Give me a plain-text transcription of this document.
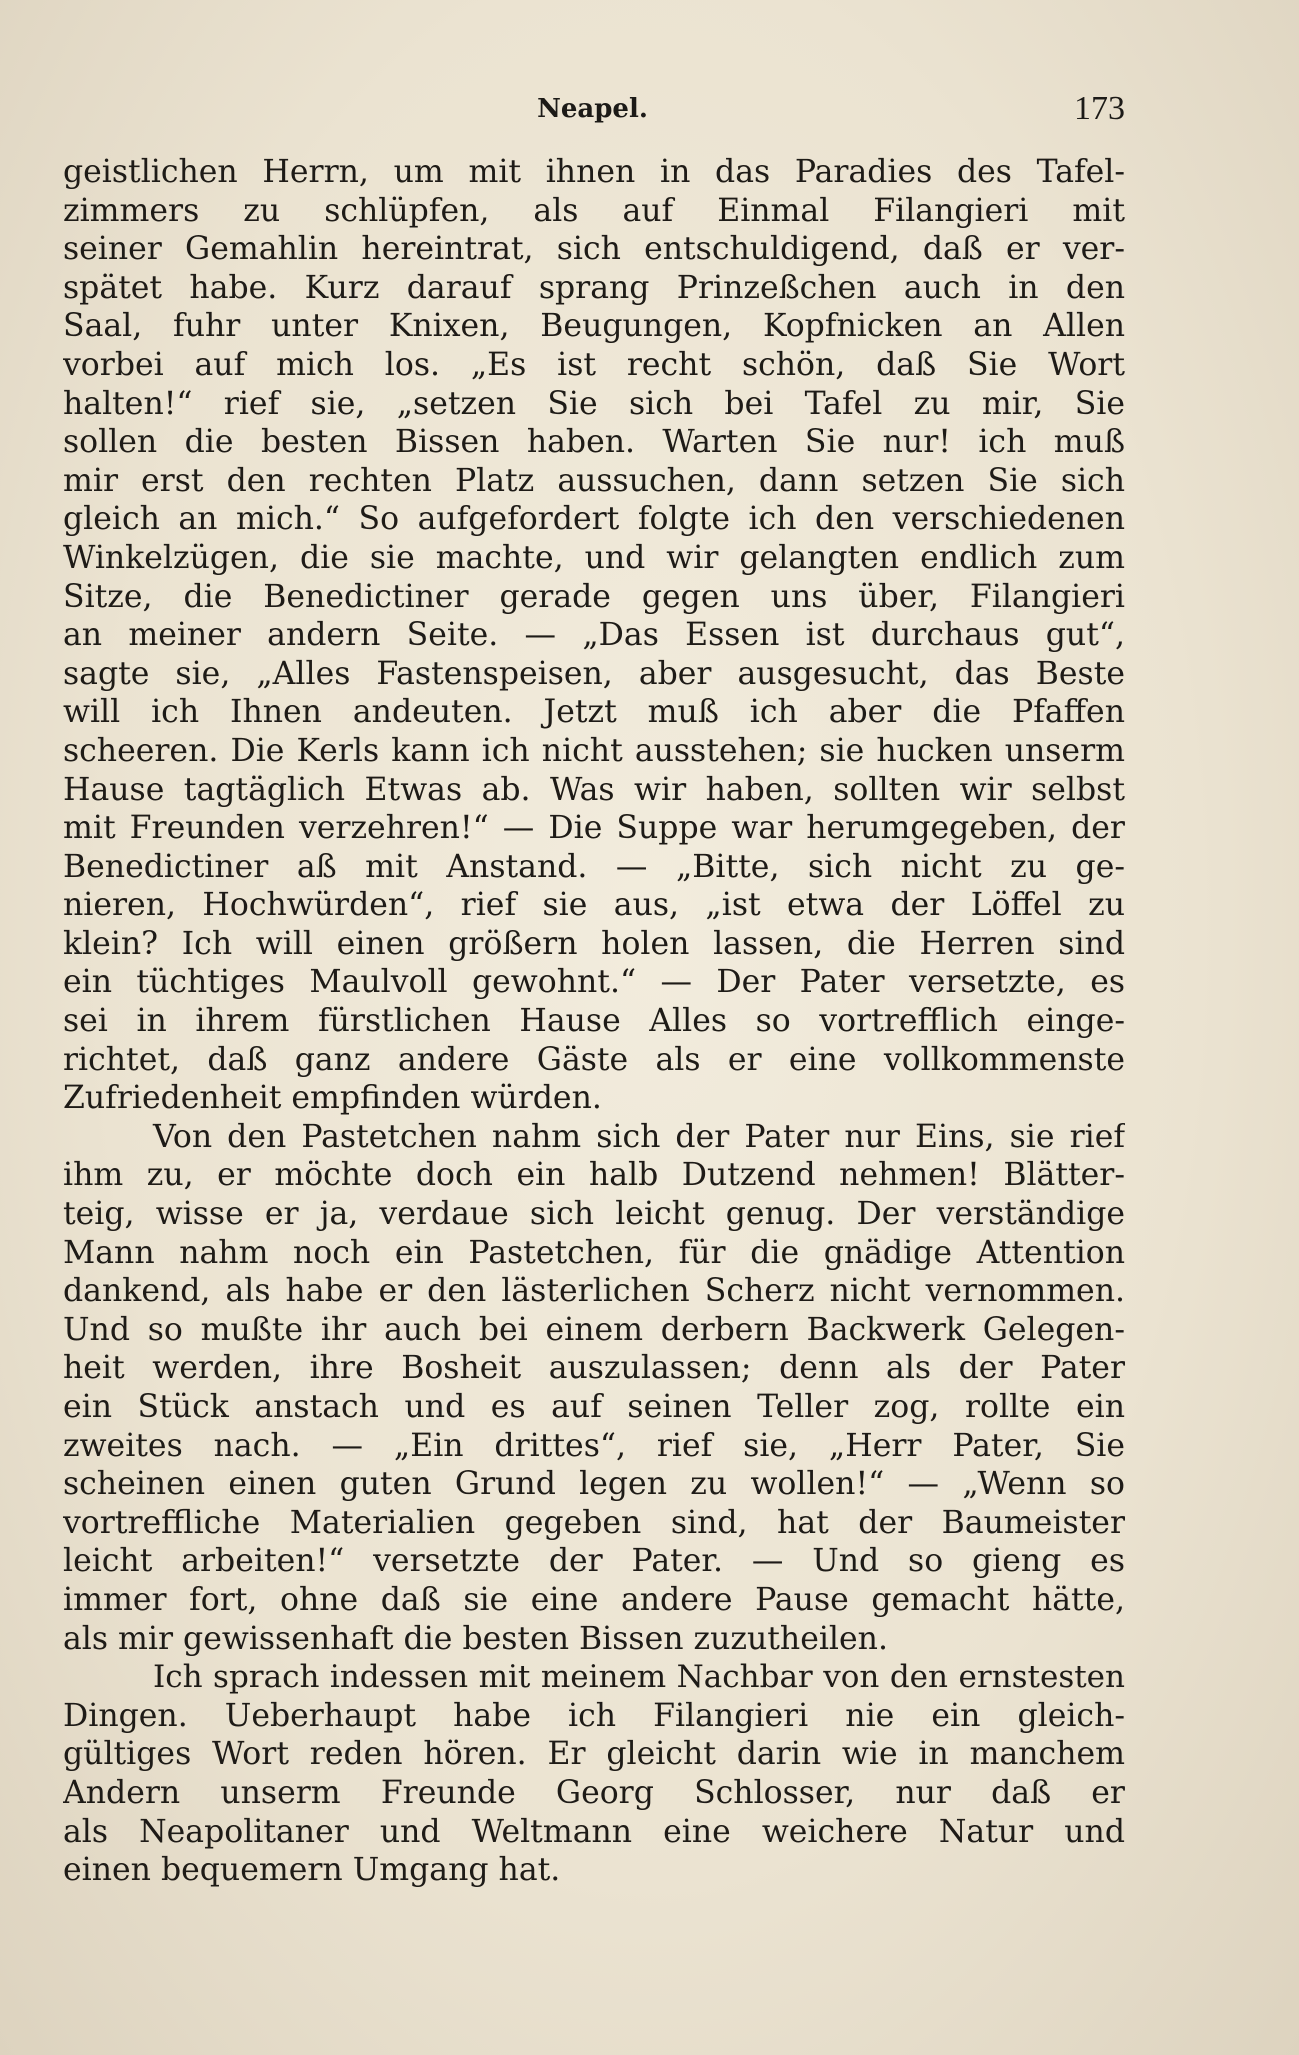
Neapel.	173
geistlichen Herrn, um mit ihnen in das Paradies des Tafel-
zimmers zu schlüpfen, als auf Einmal Filangieri mit
seiner Gemahlin hereintrat, sich entschuldigend, daß er ver-
spätet habe. Kurz darauf sprang Prinzeßchen auch in den
Saal, fuhr unter Knixen, Beugungen, Kopfnicken an Allen
vorbei auf mich los. „Es ist recht schön, daß Sie Wort
halten!“ rief sie, „setzen Sie sich bei Tafel zu mir, Sie
sollen die besten Bissen haben. Warten Sie nur! ich muß
mir erst den rechten Platz aussuchen, dann setzen Sie sich
gleich an mich.“ So aufgefordert folgte ich den verschiedenen
Winkelzügen, die sie machte, und wir gelangten endlich zum
Sitze, die Benedictiner gerade gegen uns über, Filangieri
an meiner andern Seite. — „Das Essen ist durchaus gut“,
sagte sie, „Alles Fastenspeisen, aber ausgesucht, das Beste
will ich Ihnen andeuten. Jetzt muß ich aber die Pfaffen
scheeren. Die Kerls kann ich nicht ausstehen; sie hucken unserm
Hause tagtäglich Etwas ab. Was wir haben, sollten wir selbst
mit Freunden verzehren!“ — Die Suppe war herumgegeben, der
Benedictiner aß mit Anstand. — „Bitte, sich nicht zu ge-
nieren, Hochwürden“, rief sie aus, „ist etwa der Löffel zu
klein? Ich will einen größern holen lassen, die Herren sind
ein tüchtiges Maulvoll gewohnt.“ — Der Pater versetzte, es
sei in ihrem fürstlichen Hause Alles so vortrefflich einge-
richtet, daß ganz andere Gäste als er eine vollkommenste
Zufriedenheit empfinden würden.
Von den Pastetchen nahm sich der Pater nur Eins, sie rief
ihm zu, er möchte doch ein halb Dutzend nehmen! Blätter-
teig, wisse er ja, verdaue sich leicht genug. Der verständige
Mann nahm noch ein Pastetchen, für die gnädige Attention
dankend, als habe er den lästerlichen Scherz nicht vernommen.
Und so mußte ihr auch bei einem derbern Backwerk Gelegen-
heit werden, ihre Bosheit auszulassen; denn als der Pater
ein Stück anstach und es auf seinen Teller zog, rollte ein
zweites nach. — „Ein drittes“, rief sie, „Herr Pater, Sie
scheinen einen guten Grund legen zu wollen!“ — „Wenn so
vortreffliche Materialien gegeben sind, hat der Baumeister
leicht arbeiten!“ versetzte der Pater. — Und so gieng es
immer fort, ohne daß sie eine andere Pause gemacht hätte,
als mir gewissenhaft die besten Bissen zuzutheilen.
Ich sprach indessen mit meinem Nachbar von den ernstesten
Dingen. Ueberhaupt habe ich Filangieri nie ein gleich-
gültiges Wort reden hören. Er gleicht darin wie in manchem
Andern unserm Freunde Georg Schlosser, nur daß er
als Neapolitaner und Weltmann eine weichere Natur und
einen bequemern Umgang hat.
